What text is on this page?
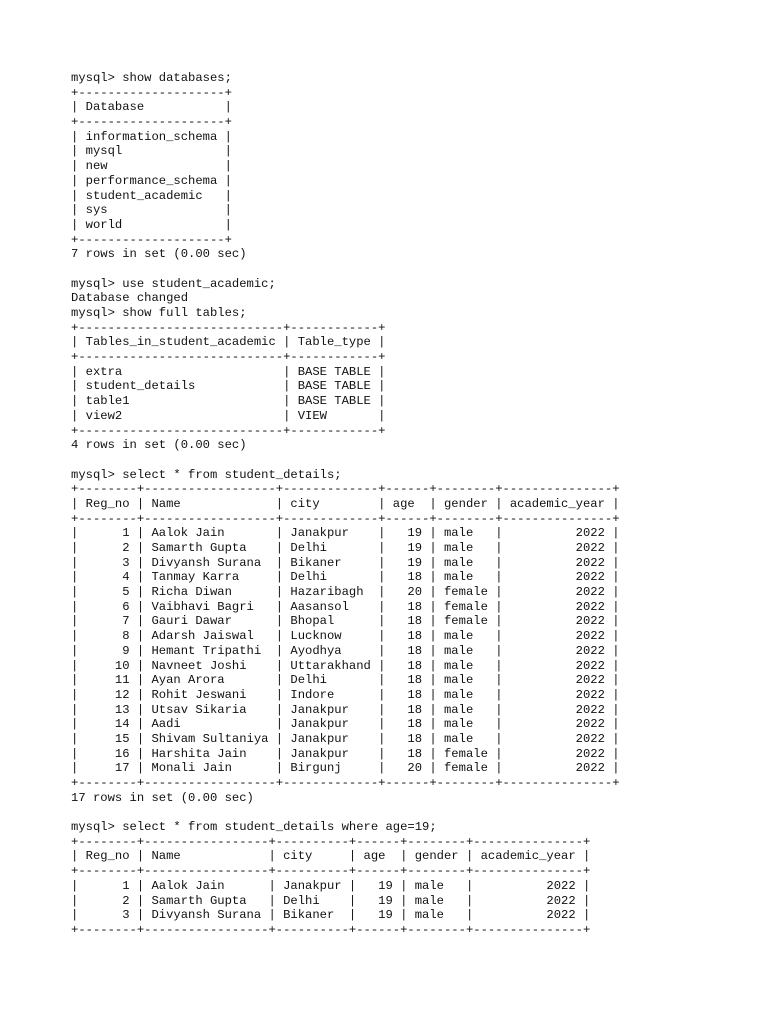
mysql> show databases;
+--------------------+
| Database           |
+--------------------+
| information_schema |
| mysql              |
| new                |
| performance_schema |
| student_academic   |
| sys                |
| world              |
+--------------------+
7 rows in set (0.00 sec)
mysql> use student_academic;
Database changed
mysql> show full tables;
+----------------------------+------------+
| Tables_in_student_academic | Table_type |
+----------------------------+------------+
| extra                      | BASE TABLE |
| student_details            | BASE TABLE |
| table1                     | BASE TABLE |
| view2                      | VIEW       |
+----------------------------+------------+
4 rows in set (0.00 sec)
mysql> select * from student_details;
+--------+------------------+-------------+------+--------+---------------+
| Reg_no | Name             | city        | age  | gender | academic_year |
+--------+------------------+-------------+------+--------+---------------+
|      1 | Aalok Jain       | Janakpur    |   19 | male   |          2022 |
|      2 | Samarth Gupta    | Delhi       |   19 | male   |          2022 |
|      3 | Divyansh Surana  | Bikaner     |   19 | male   |          2022 |
|      4 | Tanmay Karra     | Delhi       |   18 | male   |          2022 |
|      5 | Richa Diwan      | Hazaribagh  |   20 | female |          2022 |
|      6 | Vaibhavi Bagri   | Aasansol    |   18 | female |          2022 |
|      7 | Gauri Dawar      | Bhopal      |   18 | female |          2022 |
|      8 | Adarsh Jaiswal   | Lucknow     |   18 | male   |          2022 |
|      9 | Hemant Tripathi  | Ayodhya     |   18 | male   |          2022 |
|     10 | Navneet Joshi    | Uttarakhand |   18 | male   |          2022 |
|     11 | Ayan Arora       | Delhi       |   18 | male   |          2022 |
|     12 | Rohit Jeswani    | Indore      |   18 | male   |          2022 |
|     13 | Utsav Sikaria    | Janakpur    |   18 | male   |          2022 |
|     14 | Aadi             | Janakpur    |   18 | male   |          2022 |
|     15 | Shivam Sultaniya | Janakpur    |   18 | male   |          2022 |
|     16 | Harshita Jain    | Janakpur    |   18 | female |          2022 |
|     17 | Monali Jain      | Birgunj     |   20 | female |          2022 |
+--------+------------------+-------------+------+--------+---------------+
17 rows in set (0.00 sec)
mysql> select * from student_details where age=19;
+--------+-----------------+----------+------+--------+---------------+
| Reg_no | Name            | city     | age  | gender | academic_year |
+--------+-----------------+----------+------+--------+---------------+
|      1 | Aalok Jain      | Janakpur |   19 | male   |          2022 |
|      2 | Samarth Gupta   | Delhi    |   19 | male   |          2022 |
|      3 | Divyansh Surana | Bikaner  |   19 | male   |          2022 |
+--------+-----------------+----------+------+--------+---------------+
